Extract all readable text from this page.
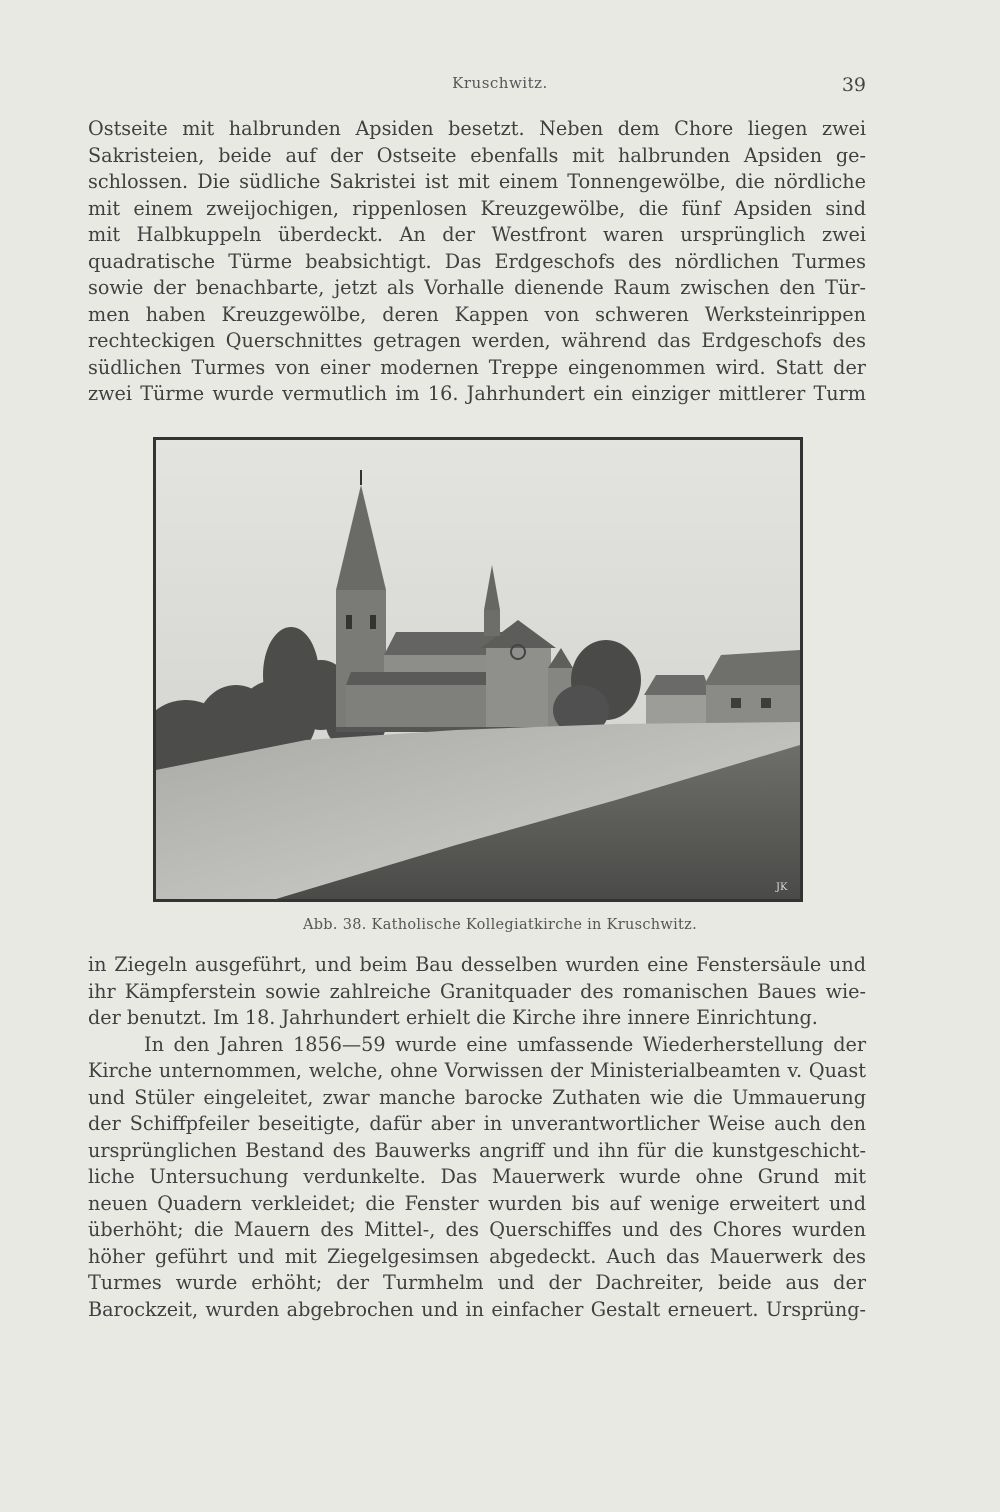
Kruschwitz.	39
Ostseite mit halbrunden Apsiden besetzt. Neben dem Chore liegen zwei
Sakristeien, beide auf der Ostseite ebenfalls mit halbrunden Apsiden ge-
schlossen. Die südliche Sakristei ist mit einem Tonnengewölbe, die nördliche
mit einem zweijochigen, rippenlosen Kreuzgewölbe, die fünf Apsiden sind
mit Halbkuppeln überdeckt. An der Westfront waren ursprünglich zwei
quadratische Türme beabsichtigt. Das Erdgeschofs des nördlichen Turmes
sowie der benachbarte, jetzt als Vorhalle dienende Raum zwischen den Tür-
men haben Kreuzgewölbe, deren Kappen von schweren Werksteinrippen
rechteckigen Querschnittes getragen werden, während das Erdgeschofs des
südlichen Turmes von einer modernen Treppe eingenommen wird. Statt der
zwei Türme wurde vermutlich im 16. Jahrhundert ein einziger mittlerer Turm
JK
Abb. 38. Katholische Kollegiatkirche in Kruschwitz.
in Ziegeln ausgeführt, und beim Bau desselben wurden eine Fenstersäule und
ihr Kämpferstein sowie zahlreiche Granitquader des romanischen Baues wie-
der benutzt. Im 18. Jahrhundert erhielt die Kirche ihre innere Einrichtung.
In den Jahren 1856—59 wurde eine umfassende Wiederherstellung der
Kirche unternommen, welche, ohne Vorwissen der Ministerialbeamten v. Quast
und Stüler eingeleitet, zwar manche barocke Zuthaten wie die Ummauerung
der Schiffpfeiler beseitigte, dafür aber in unverantwortlicher Weise auch den
ursprünglichen Bestand des Bauwerks angriff und ihn für die kunstgeschicht-
liche Untersuchung verdunkelte. Das Mauerwerk wurde ohne Grund mit
neuen Quadern verkleidet; die Fenster wurden bis auf wenige erweitert und
überhöht; die Mauern des Mittel-, des Querschiffes und des Chores wurden
höher geführt und mit Ziegelgesimsen abgedeckt. Auch das Mauerwerk des
Turmes wurde erhöht; der Turmhelm und der Dachreiter, beide aus der
Barockzeit, wurden abgebrochen und in einfacher Gestalt erneuert. Ursprüng-
